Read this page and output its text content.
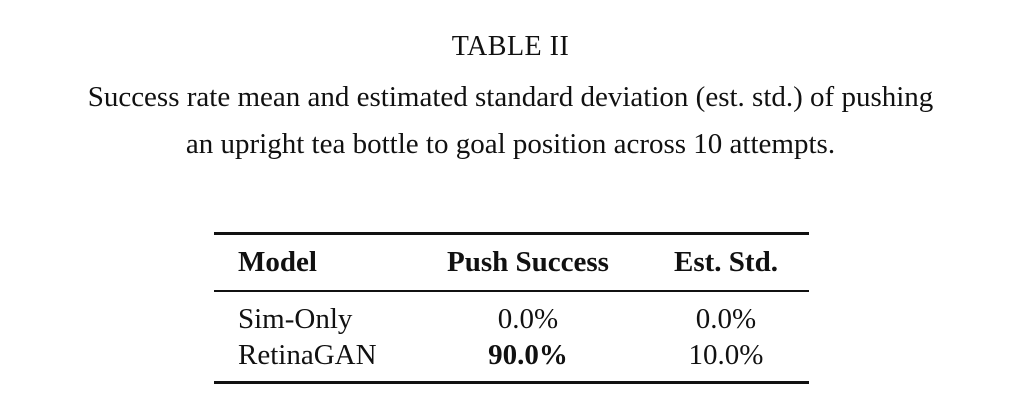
TABLE II
Success rate mean and estimated standard deviation (est. std.) of pushing
an upright tea bottle to goal position across 10 attempts.
Model	Push Success	Est. Std.
Sim-Only	0.0%	0.0%
RetinaGAN	90.0%	10.0%
